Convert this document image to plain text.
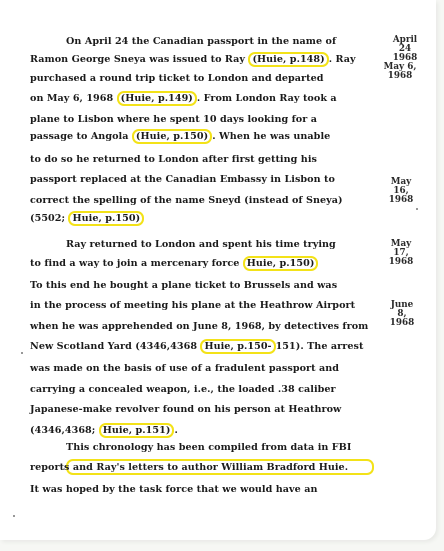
On April 24 the Canadian passport in the name of
Ramon George Sneya was issued to Ray (Huie, p.148) . Ray
purchased a round trip ticket to London and departed
on May 6, 1968 (Huie, p.149) . From London Ray took a
plane to Lisbon where he spent 10 days looking for a
passage to Angola (Huie, p.150) . When he was unable
to do so he returned to London after first getting his
passport replaced at the Canadian Embassy in Lisbon to
correct the spelling of the name Sneyd (instead of Sneya)
(5502; Huie, p.150)
Ray returned to London and spent his time trying
to find a way to join a mercenary force Huie, p.150)
To this end he bought a plane ticket to Brussels and was
in the process of meeting his plane at the Heathrow Airport
when he was apprehended on June 8, 1968, by detectives from
New Scotland Yard (4346,4368 Huie, p.150- 151). The arrest
was made on the basis of use of a fradulent passport and
carrying a concealed weapon, i.e., the loaded .38 caliber
Japanese-make revolver found on his person at Heathrow
(4346,4368; Huie, p.151) .
This chronology has been compiled from data in FBI
reports and Ray's letters to author William Bradford Huie.
It was hoped by the task force that we would have an
April 24
1968
May 6,
1968
May 16,
1968
May 17,
1968
June 8,
1968
